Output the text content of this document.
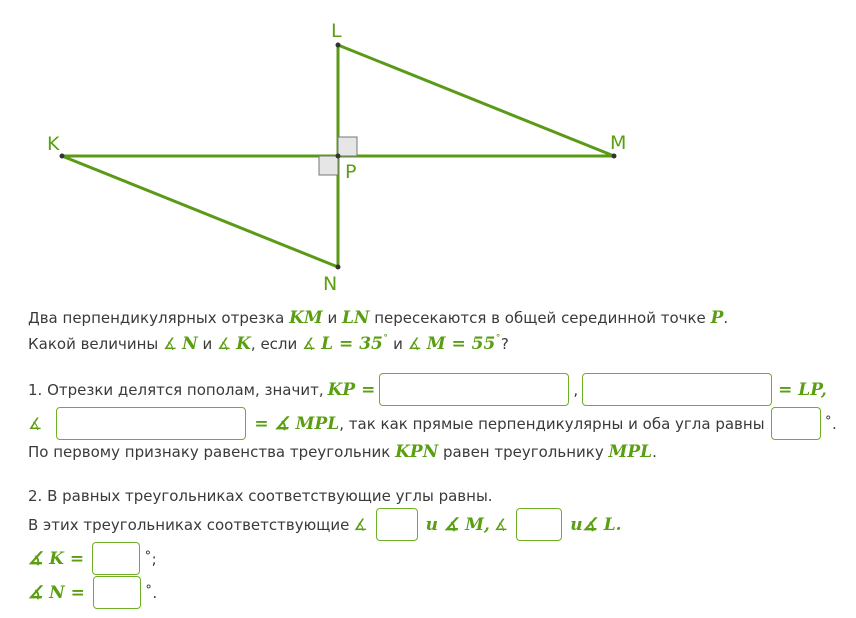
L
K	M
P
N
Два перпендикулярных отрезка KM и LN пересекаются в общей серединной точке P.
Какой величины ∡ N и ∡ K, если ∡ L = 35˚ и ∡ M = 55˚?
1. Отрезки делятся пополам, значит, KP =	,	= LP,
∡	= ∡ MPL , так как прямые перпендикулярны и оба угла равны	˚.
По первому признаку равенства треугольник KPN равен треугольнику MPL.
2. В равных треугольниках соответствующие углы равны.
В этих треугольниках соответствующие ∡	и ∡ M, ∡	и∡ L.
∡ K =	˚;
∡ N =	˚.
